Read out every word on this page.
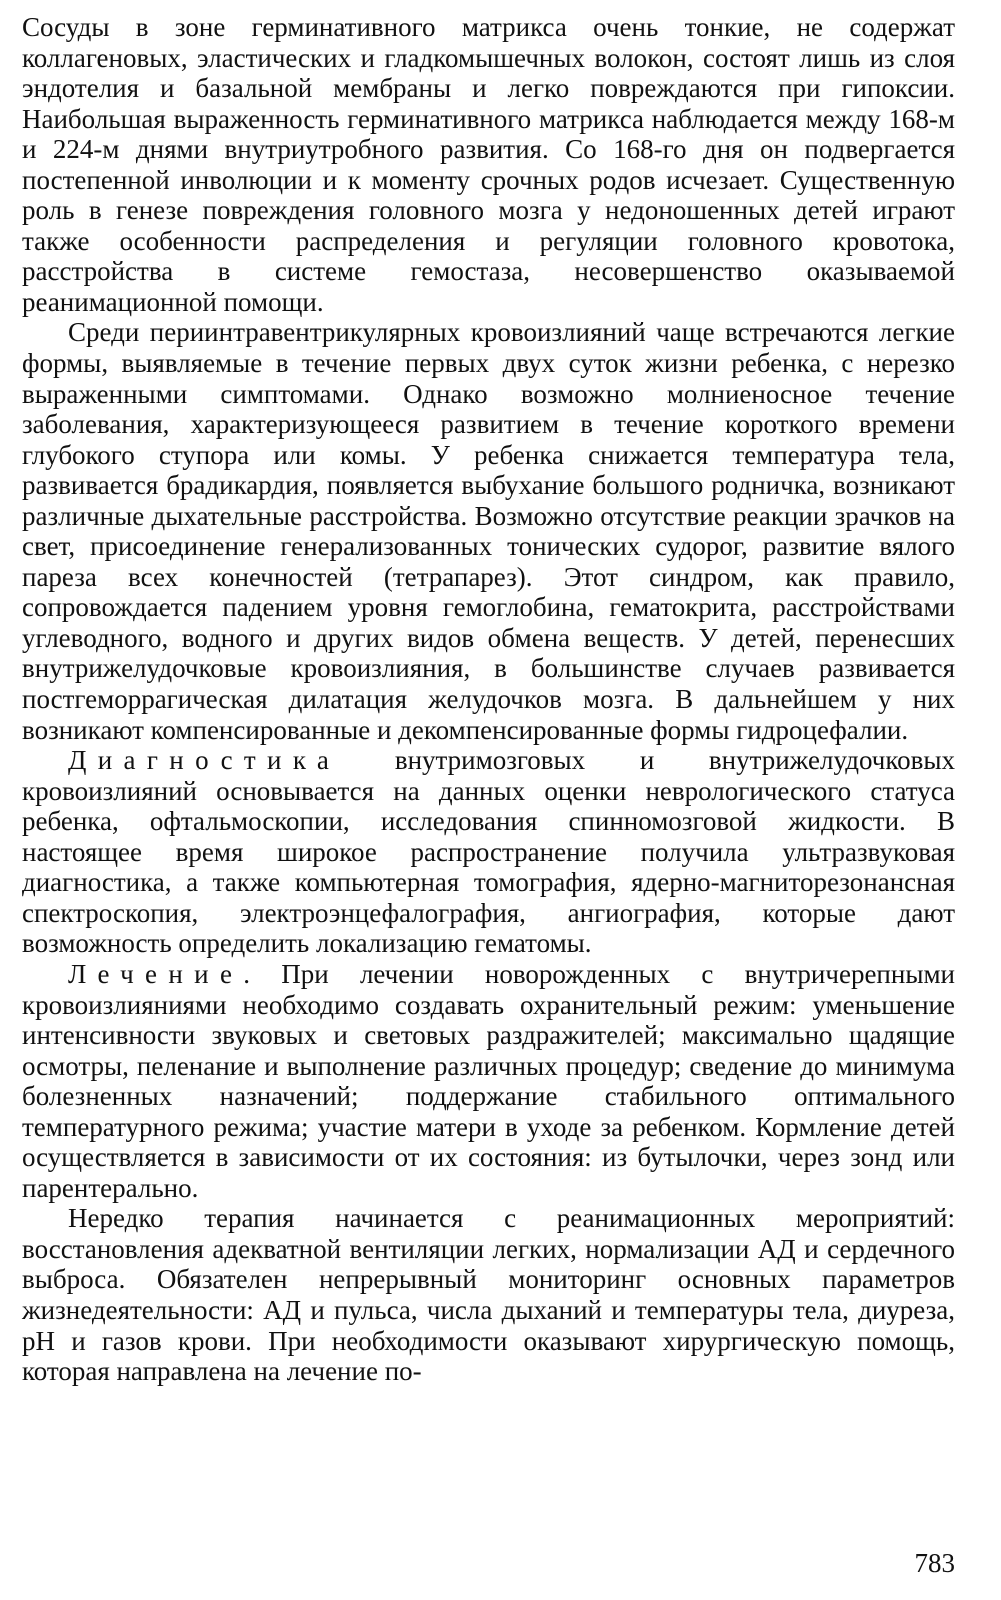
Сосуды в зоне герминативного матрикса очень тонкие, не содержат коллагеновых, эластических и гладкомышечных волокон, состоят лишь из слоя эндотелия и базальной мембраны и легко повреждаются при гипоксии. Наибольшая выраженность герминативного матрикса наблюдается между 168-м и 224-м днями внутриутробного развития. Со 168-го дня он подвергается постепенной инволюции и к моменту срочных родов исчезает. Существенную роль в генезе повреждения головного мозга у недоношенных детей играют также особенности распределения и регуляции головного кровотока, расстройства в системе гемостаза, несовершенство оказываемой реанимационной помощи.

Среди периинтравентрикулярных кровоизлияний чаще встречаются легкие формы, выявляемые в течение первых двух суток жизни ребенка, с нерезко выраженными симптомами. Однако возможно молниеносное течение заболевания, характеризующееся развитием в течение короткого времени глубокого ступора или комы. У ребенка снижается температура тела, развивается брадикардия, появляется выбухание большого родничка, возникают различные дыхательные расстройства. Возможно отсутствие реакции зрачков на свет, присоединение генерализованных тонических судорог, развитие вялого пареза всех конечностей (тетрапарез). Этот синдром, как правило, сопровождается падением уровня гемоглобина, гематокрита, расстройствами углеводного, водного и других видов обмена веществ. У детей, перенесших внутрижелудочковые кровоизлияния, в большинстве случаев развивается постгеморрагическая дилатация желудочков мозга. В дальнейшем у них возникают компенсированные и декомпенсированные формы гидроцефалии.

Диагностика внутримозговых и внутрижелудочковых кровоизлияний основывается на данных оценки неврологического статуса ребенка, офтальмоскопии, исследования спинномозговой жидкости. В настоящее время широкое распространение получила ультразвуковая диагностика, а также компьютерная томография, ядерно-магниторезонансная спектроскопия, электроэнцефалография, ангиография, которые дают возможность определить локализацию гематомы.

Лечение. При лечении новорожденных с внутричерепными кровоизлияниями необходимо создавать охранительный режим: уменьшение интенсивности звуковых и световых раздражителей; максимально щадящие осмотры, пеленание и выполнение различных процедур; сведение до минимума болезненных назначений; поддержание стабильного оптимального температурного режима; участие матери в уходе за ребенком. Кормление детей осуществляется в зависимости от их состояния: из бутылочки, через зонд или парентерально.

Нередко терапия начинается с реанимационных мероприятий: восстановления адекватной вентиляции легких, нормализации АД и сердечного выброса. Обязателен непрерывный мониторинг основных параметров жизнедеятельности: АД и пульса, числа дыханий и температуры тела, диуреза, рН и газов крови. При необходимости оказывают хирургическую помощь, которая направлена на лечение по-

783
